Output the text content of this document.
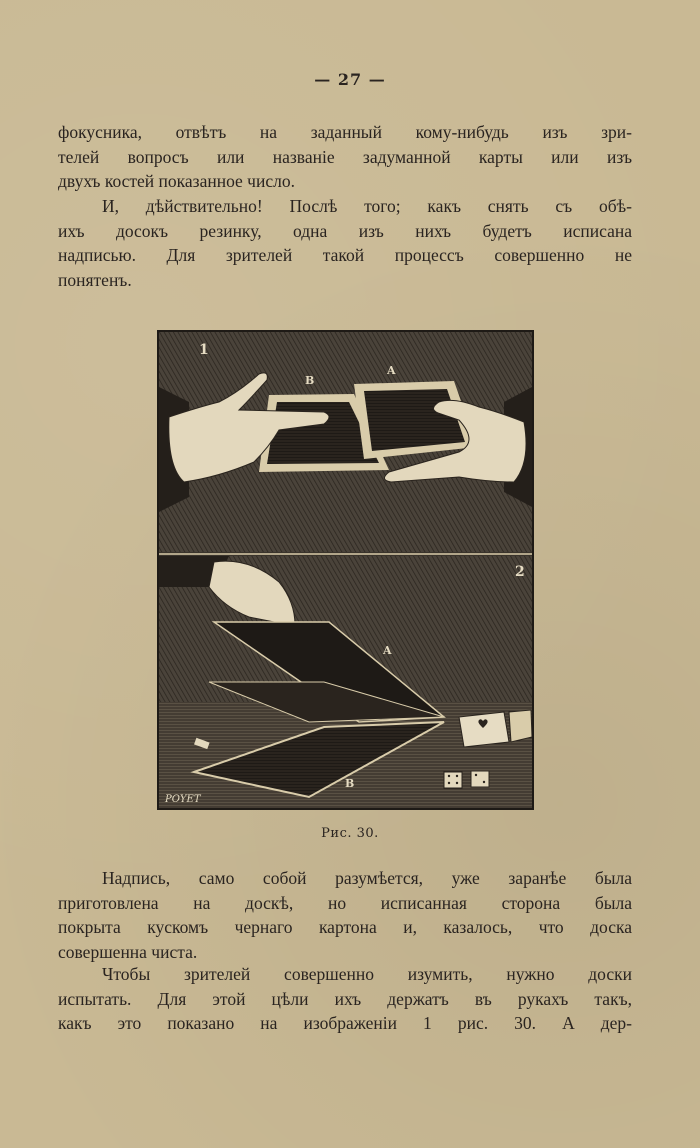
— 27 —
фокусника, отвѣтъ на заданный кому-нибудь изъ зри-
телей вопросъ или названіе задуманной карты или изъ
двухъ костей показанное число.
И, дѣйствительно! Послѣ того; какъ снять съ обѣ-
ихъ досокъ резинку, одна изъ нихъ будетъ исписана
надписью. Для зрителей такой процессъ совершенно не
понятенъ.
1
B
A
2
A
B
POYET
Рис. 30.
Надпись, само собой разумѣется, уже заранѣе была
приготовлена на доскѣ, но исписанная сторона была
покрыта кускомъ чернаго картона и, казалось, что доска
совершенна чиста.
Чтобы зрителей совершенно изумить, нужно доски
испытать. Для этой цѣли ихъ держатъ въ рукахъ такъ,
какъ это показано на изображеніи 1 рис. 30. А дер-
